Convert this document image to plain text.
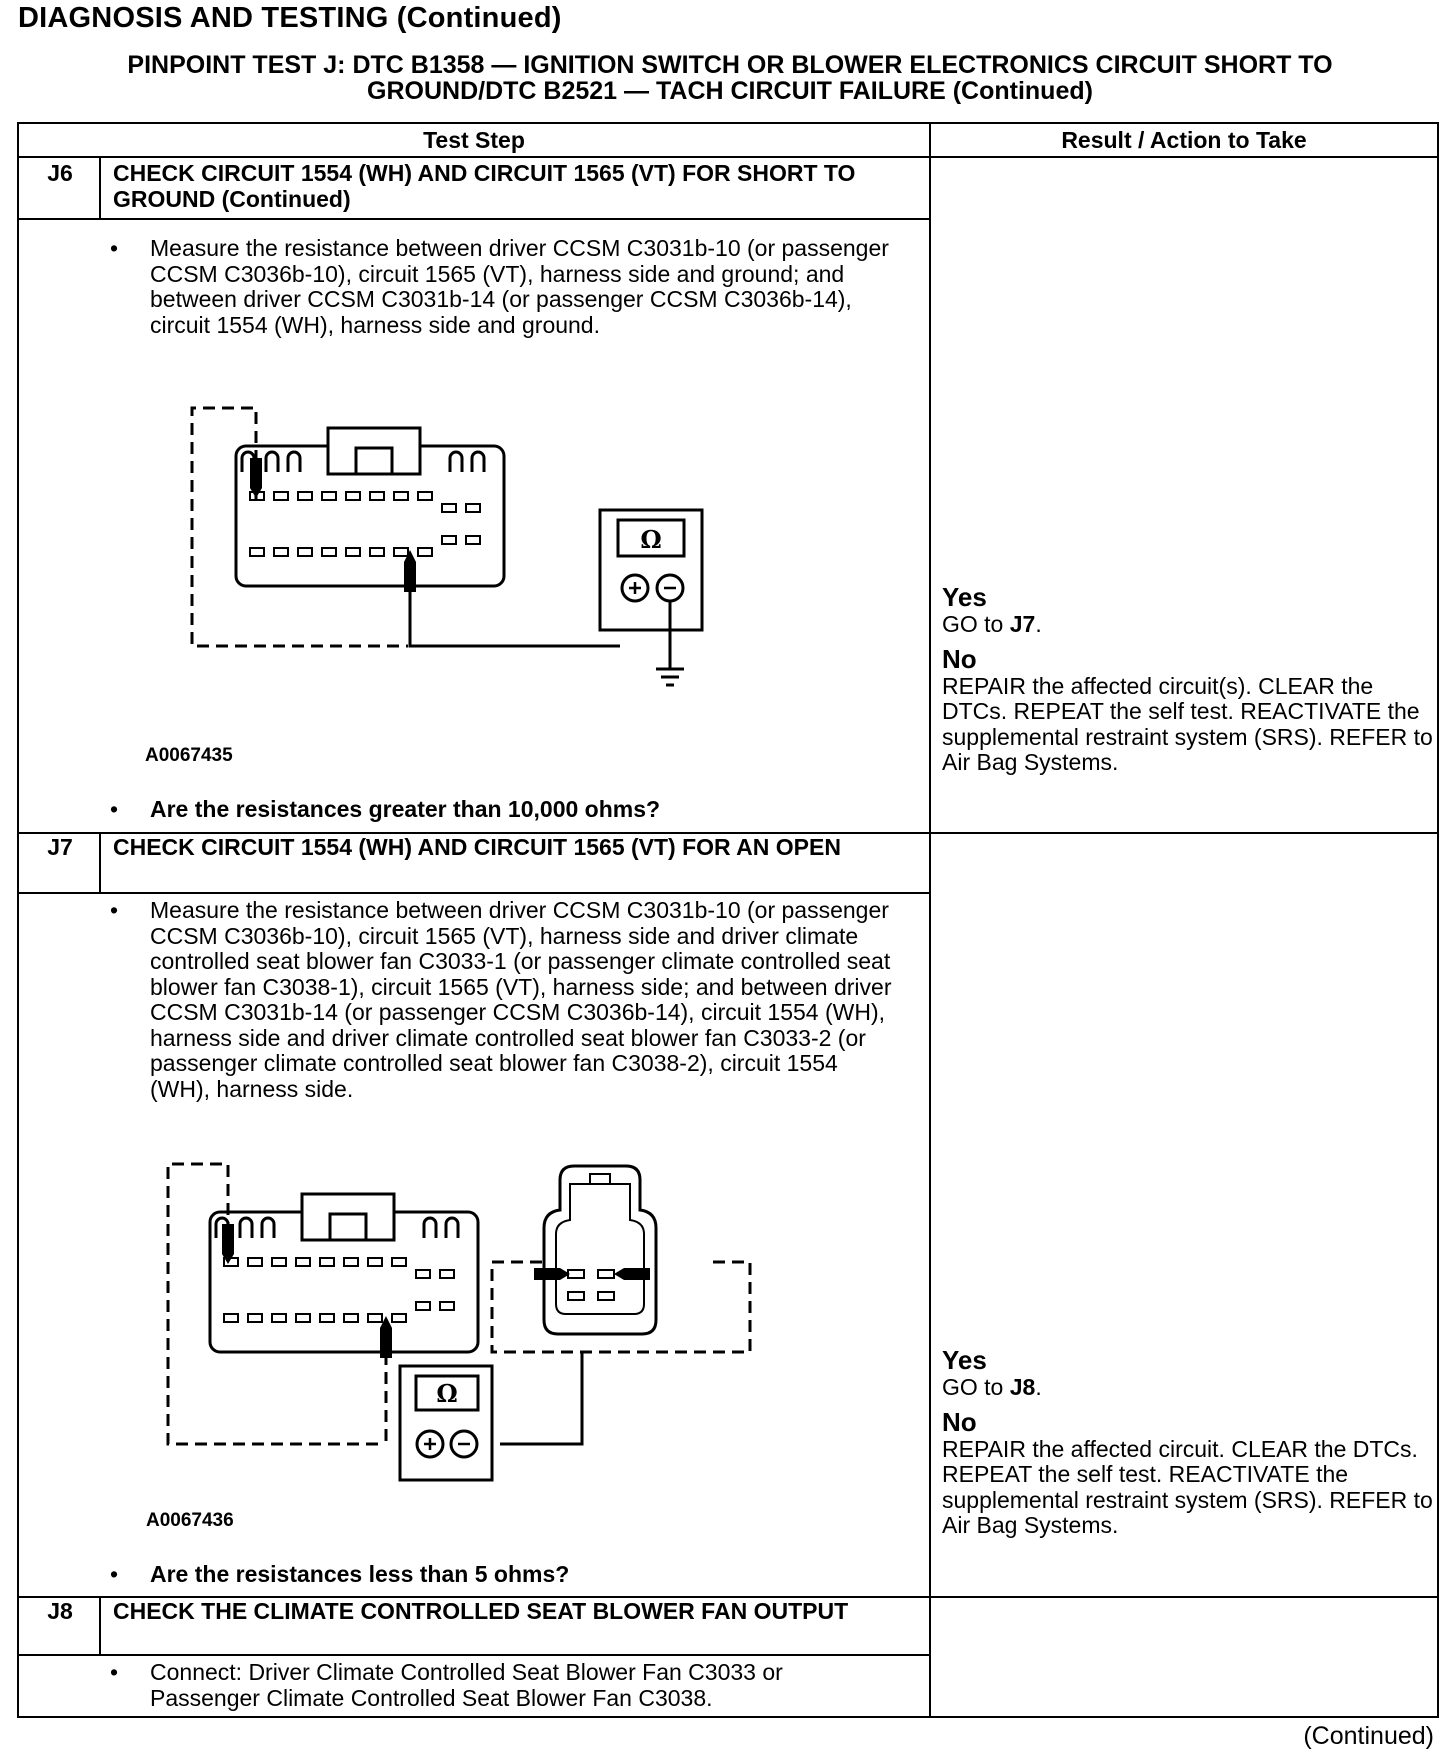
DIAGNOSIS AND TESTING (Continued)
PINPOINT TEST J: DTC B1358 — IGNITION SWITCH OR BLOWER ELECTRONICS CIRCUIT SHORT TO
GROUND/DTC B2521 — TACH CIRCUIT FAILURE (Continued)
Test Step	Result / Action to Take
J6	CHECK CIRCUIT 1554 (WH) AND CIRCUIT 1565 (VT) FOR SHORT TO GROUND (Continued)
• Measure the resistance between driver CCSM C3031b-10 (or passenger CCSM C3036b-10), circuit 1565 (VT), harness side and ground; and between driver CCSM C3031b-14 (or passenger CCSM C3036b-14), circuit 1554 (WH), harness side and ground.
Ω
A0067435
• Are the resistances greater than 10,000 ohms?
Yes

GO to J7.

No

REPAIR the affected circuit(s). CLEAR the DTCs. REPEAT the self test. REACTIVATE the supplemental restraint system (SRS). REFER to Air Bag Systems.

J7	CHECK CIRCUIT 1554 (WH) AND CIRCUIT 1565 (VT) FOR AN OPEN
• Measure the resistance between driver CCSM C3031b-10 (or passenger CCSM C3036b-10), circuit 1565 (VT), harness side and driver climate controlled seat blower fan C3033-1 (or passenger climate controlled seat blower fan C3038-1), circuit 1565 (VT), harness side; and between driver CCSM C3031b-14 (or passenger CCSM C3036b-14), circuit 1554 (WH), harness side and driver climate controlled seat blower fan C3033-2 (or passenger climate controlled seat blower fan C3038-2), circuit 1554 (WH), harness side.
Ω
A0067436
• Are the resistances less than 5 ohms?
Yes

GO to J8.

No

REPAIR the affected circuit. CLEAR the DTCs. REPEAT the self test. REACTIVATE the supplemental restraint system (SRS). REFER to Air Bag Systems.

J8	CHECK THE CLIMATE CONTROLLED SEAT BLOWER FAN OUTPUT
• Connect: Driver Climate Controlled Seat Blower Fan C3033 or Passenger Climate Controlled Seat Blower Fan C3038.
(Continued)
